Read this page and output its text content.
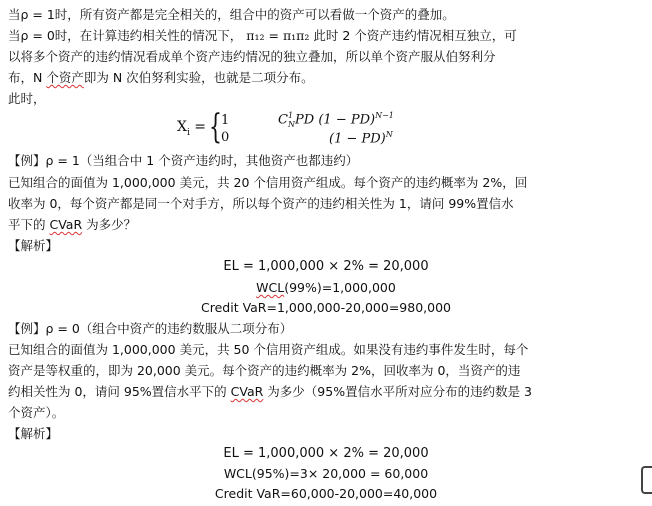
当ρ = 1时，所有资产都是完全相关的，组合中的资产可以看做一个资产的叠加。
当ρ = 0时，在计算违约相关性的情况下， π₁₂ = π₁π₂ 此时 2 个资产违约情况相互独立，可
以将多个资产的违约情况看成单个资产违约情况的独立叠加，所以单个资产服从伯努利分
布，N 个资产即为 N 次伯努利实验，也就是二项分布。
此时，
$X_i$ = { 1
0
$C^1_NPD$ (1 − PD)$^{N-1}$
(1 − PD)$^N$
【例】ρ = 1（当组合中 1 个资产违约时，其他资产也都违约）
已知组合的面值为 1,000,000 美元，共 20 个信用资产组成。每个资产的违约概率为 2%，回
收率为 0，每个资产都是同一个对手方，所以每个资产的违约相关性为 1，请问 99%置信水
平下的 CVaR 为多少？
【解析】
EL = 1,000,000 × 2% = 20,000
WCL(99%)=1,000,000
Credit VaR=1,000,000-20,000=980,000
【例】ρ = 0（组合中资产的违约数服从二项分布）
已知组合的面值为 1,000,000 美元，共 50 个信用资产组成。如果没有违约事件发生时，每个
资产是等权重的，即为 20,000 美元。每个资产的违约概率为 2%，回收率为 0，当资产的违
约相关性为 0，请问 95%置信水平下的 CVaR 为多少（95%置信水平所对应分布的违约数是 3
个资产）。
【解析】
EL = 1,000,000 × 2% = 20,000
WCL(95%)=3× 20,000 = 60,000
Credit VaR=60,000-20,000=40,000
